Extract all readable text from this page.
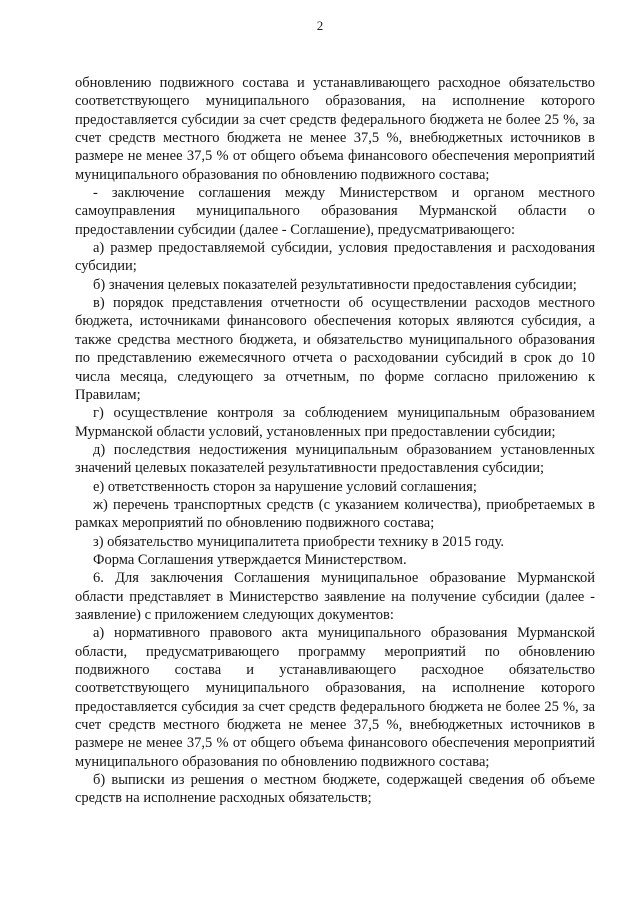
2

обновлению подвижного состава и устанавливающего расходное обязательство соответствующего муниципального образования, на исполнение которого предоставляется субсидии за счет средств федерального бюджета не более 25 %, за счет средств местного бюджета не менее 37,5 %, внебюджетных источников в размере не менее 37,5 % от общего объема финансового обеспечения мероприятий муниципального образования по обновлению подвижного состава;

- заключение соглашения между Министерством и органом местного самоуправления муниципального образования Мурманской области о предоставлении субсидии (далее - Соглашение), предусматривающего:

а) размер предоставляемой субсидии, условия предоставления и расходования субсидии;

б) значения целевых показателей результативности предоставления субсидии;

в) порядок представления отчетности об осуществлении расходов местного бюджета, источниками финансового обеспечения которых являются субсидия, а также средства местного бюджета, и обязательство муниципального образования по представлению ежемесячного отчета о расходовании субсидий в срок до 10 числа месяца, следующего за отчетным, по форме согласно приложению к Правилам;

г) осуществление контроля за соблюдением муниципальным образованием Мурманской области условий, установленных при предоставлении субсидии;

д) последствия недостижения муниципальным образованием установленных значений целевых показателей результативности предоставления субсидии;

е) ответственность сторон за нарушение условий соглашения;

ж) перечень транспортных средств (с указанием количества), приобретаемых в рамках мероприятий по обновлению подвижного состава;

з) обязательство муниципалитета приобрести технику в 2015 году.

Форма Соглашения утверждается Министерством.

6. Для заключения Соглашения муниципальное образование Мурманской области представляет в Министерство заявление на получение субсидии (далее - заявление) с приложением следующих документов:

а) нормативного правового акта муниципального образования Мурманской области, предусматривающего программу мероприятий по обновлению подвижного состава и устанавливающего расходное обязательство соответствующего муниципального образования, на исполнение которого предоставляется субсидия за счет средств федерального бюджета не более 25 %, за счет средств местного бюджета не менее 37,5 %, внебюджетных источников в размере не менее 37,5 % от общего объема финансового обеспечения мероприятий муниципального образования по обновлению подвижного состава;

б) выписки из решения о местном бюджете, содержащей сведения об объеме средств на исполнение расходных обязательств;
